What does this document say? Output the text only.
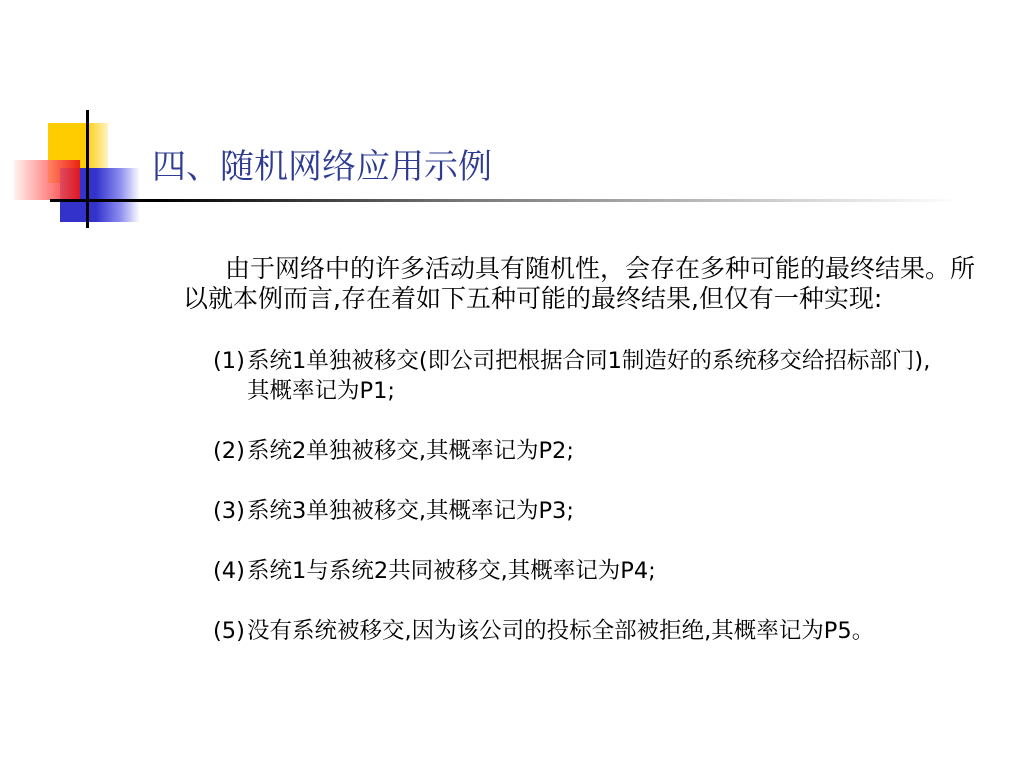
四、随机网络应用示例
由于网络中的许多活动具有随机性，会存在多种可能的最终结果。所
以就本例而言,存在着如下五种可能的最终结果,但仅有一种实现:
(1) 系统1单独被移交(即公司把根据合同1制造好的系统移交给招标部门),
其概率记为P1;
(2) 系统2单独被移交,其概率记为P2;
(3) 系统3单独被移交,其概率记为P3;
(4) 系统1与系统2共同被移交,其概率记为P4;
(5) 没有系统被移交,因为该公司的投标全部被拒绝,其概率记为P5。
